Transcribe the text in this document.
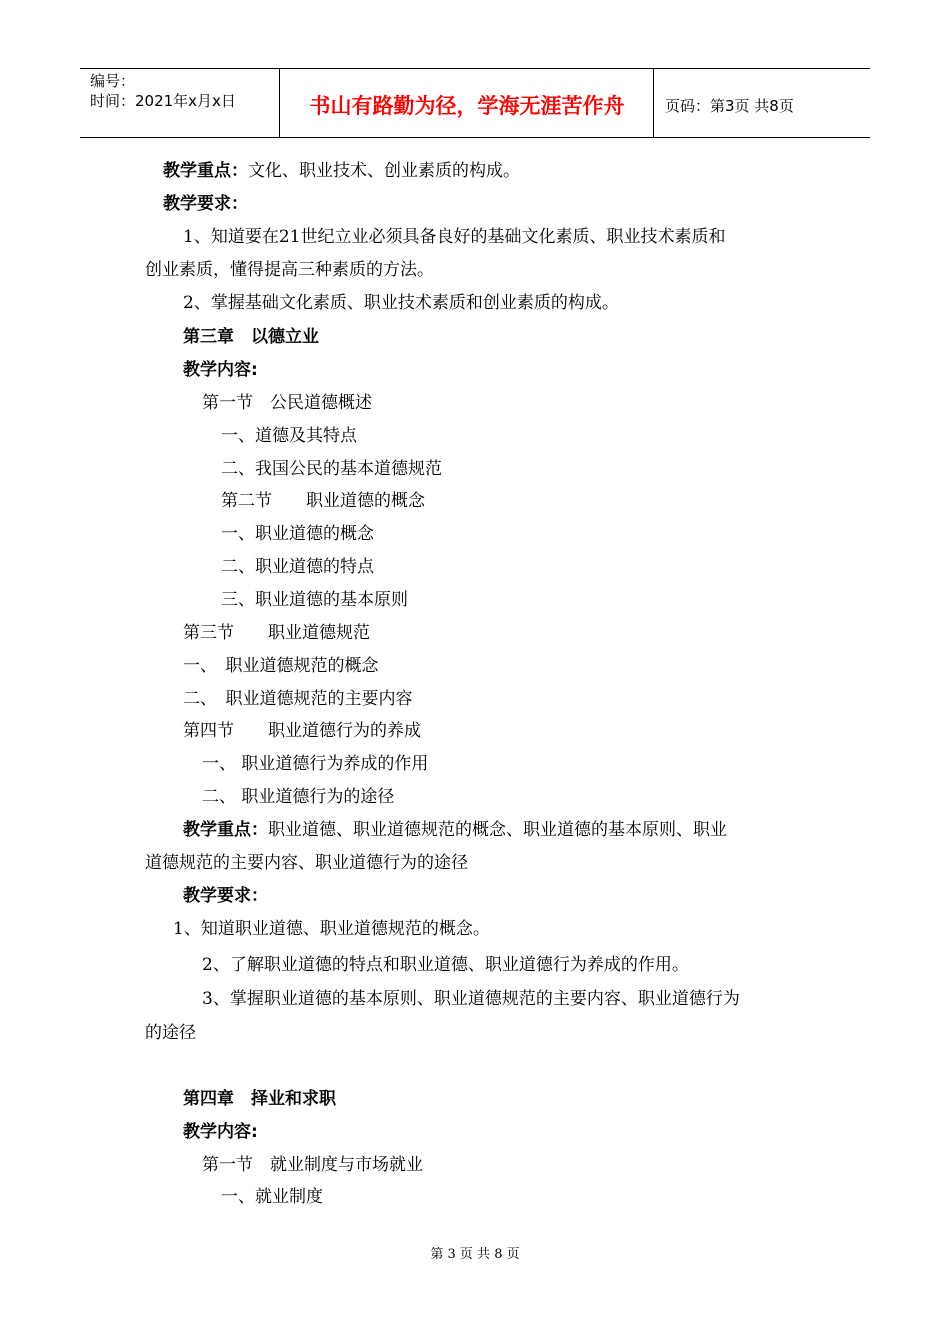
编号：
时间：2021年x月x日	书山有路勤为径，学海无涯苦作舟	页码：第3页 共8页
教学重点：文化、职业技术、创业素质的构成。
教学要求：
1、知道要在21世纪立业必须具备良好的基础文化素质、职业技术素质和
创业素质，懂得提高三种素质的方法。
2、掌握基础文化素质、职业技术素质和创业素质的构成。
第三章　以德立业
教学内容:
第一节　公民道德概述
一、道德及其特点
二、我国公民的基本道德规范
第二节　　职业道德的概念
一、职业道德的概念
二、职业道德的特点
三、职业道德的基本原则
第三节　　职业道德规范
一、　职业道德规范的概念
二、　职业道德规范的主要内容
第四节　　职业道德行为的养成
一、 职业道德行为养成的作用
二、 职业道德行为的途径
教学重点：职业道德、职业道德规范的概念、职业道德的基本原则、职业
道德规范的主要内容、职业道德行为的途径
教学要求：
1、知道职业道德、职业道德规范的概念。
2、了解职业道德的特点和职业道德、职业道德行为养成的作用。
3、掌握职业道德的基本原则、职业道德规范的主要内容、职业道德行为
的途径
第四章　择业和求职
教学内容:
第一节　就业制度与市场就业
一、就业制度
第 3 页 共 8 页
